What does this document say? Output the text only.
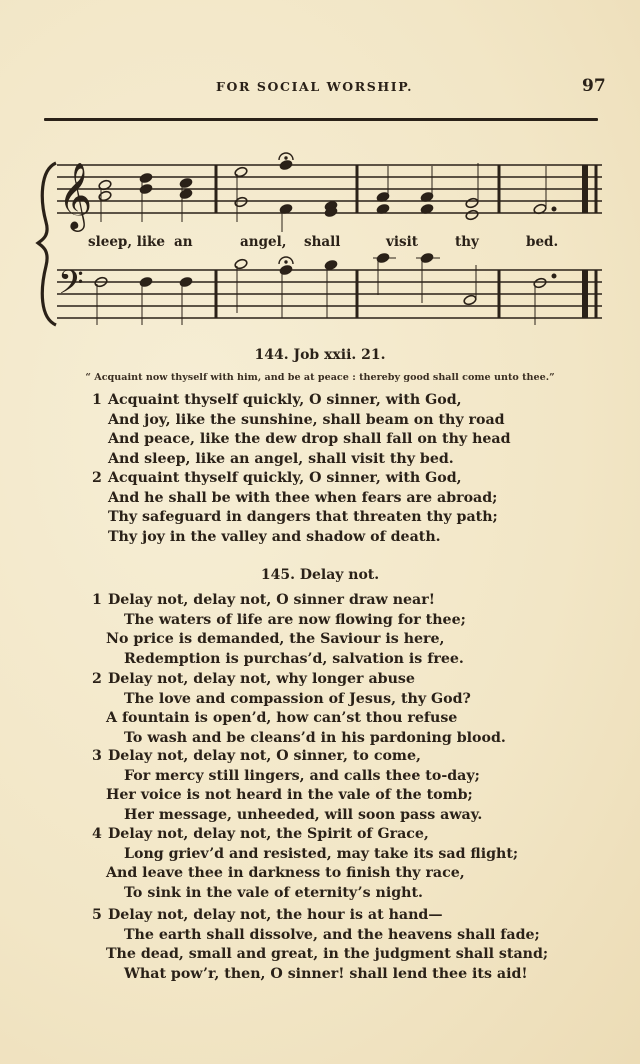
FOR SOCIAL WORSHIP.	97
𝄞
𝄢
sleep, like an	angel, shall	visit	thy	bed.
144. Job xxii. 21.
“ Acquaint now thyself with him, and be at peace : thereby good shall come unto thee.”
1 Acquaint thyself quickly, O sinner, with God,
And joy, like the sunshine, shall beam on thy road
And peace, like the dew drop shall fall on thy head
And sleep, like an angel, shall visit thy bed.
2 Acquaint thyself quickly, O sinner, with God,
And he shall be with thee when fears are abroad;
Thy safeguard in dangers that threaten thy path;
Thy joy in the valley and shadow of death.
145. Delay not.
1 Delay not, delay not, O sinner draw near!
The waters of life are now flowing for thee;
No price is demanded, the Saviour is here,
Redemption is purchas’d, salvation is free.
2 Delay not, delay not, why longer abuse
The love and compassion of Jesus, thy God?
A fountain is open’d, how can’st thou refuse
To wash and be cleans’d in his pardoning blood.
3 Delay not, delay not, O sinner, to come,
For mercy still lingers, and calls thee to-day;
Her voice is not heard in the vale of the tomb;
Her message, unheeded, will soon pass away.
4 Delay not, delay not, the Spirit of Grace,
Long griev’d and resisted, may take its sad flight;
And leave thee in darkness to finish thy race,
To sink in the vale of eternity’s night.
5 Delay not, delay not, the hour is at hand—
The earth shall dissolve, and the heavens shall fade;
The dead, small and great, in the judgment shall stand;
What pow’r, then, O sinner! shall lend thee its aid!
